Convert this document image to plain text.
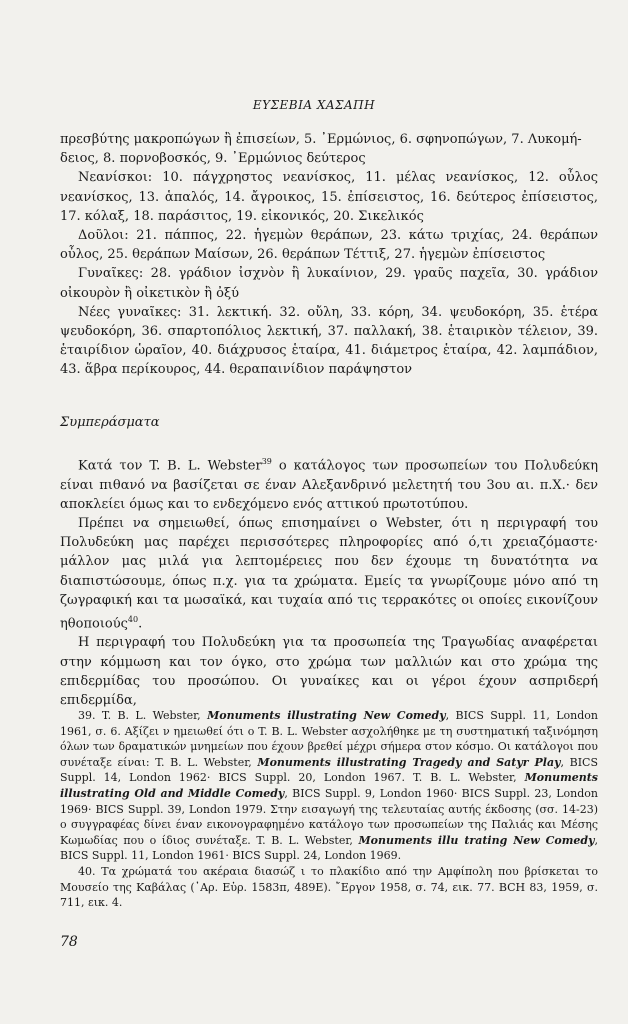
ΕΥΣΕΒΙΑ ΧΑΣΑΠΗ

πρεσβύτης μακροπώγων ἢ ἐπισείων, 5. ᾿Ερμώνιος, 6. σφηνοπώγων, 7. Λυκομή-

δειος, 8. πορνοβοσκός, 9. ᾿Ερμώνιος δεύτερος

Νεανίσκοι: 10. πάγχρηστος νεανίσκος, 11. μέλας νεανίσκος, 12. οὖλος νεανίσκος, 13. ἁπαλός, 14. ἄγροικος, 15. ἐπίσειστος, 16. δεύτερος ἐπίσειστος, 17. κόλαξ, 18. παράσιτος, 19. εἰκονικός, 20. Σικελικός

Δοῦλοι: 21. πάππος, 22. ἡγεμὼν θεράπων, 23. κάτω τριχίας, 24. θεράπων οὖλος, 25. θεράπων Μαίσων, 26. θεράπων Τέττιξ, 27. ἡγεμὼν ἐπίσειστος

Γυναῖκες: 28. γράδιον ἰσχνὸν ἢ λυκαίνιον, 29. γραῦς παχεῖα, 30. γράδιον οἰκουρὸν ἢ οἰκετικὸν ἢ ὀξύ

Νέες γυναῖκες: 31. λεκτική. 32. οὔλη, 33. κόρη, 34. ψευδοκόρη, 35. ἑτέρα ψευδοκόρη, 36. σπαρτοπόλιος λεκτική, 37. παλλακή, 38. ἑταιρικὸν τέλειον, 39. ἑταιρίδιον ὡραῖον, 40. διάχρυσος ἑταίρα, 41. διάμετρος ἑταίρα, 42. λαμπάδιον, 43. ἅβρα περίκουρος, 44. θεραπαινίδιον παράψηστον

Συμπεράσματα

Κατά τον T. B. L. Webster$^{39}$ ο κατάλογος των προσωπείων του Πολυδεύκη είναι πιθανό να βασίζεται σε έναν Αλεξανδρινό μελετητή του 3ου αι. π.Χ.· δεν αποκλείει όμως και το ενδεχόμενο ενός αττικού πρωτοτύπου.

Πρέπει να σημειωθεί, όπως επισημαίνει ο Webster, ότι η περιγραφή του Πολυδεύκη μας παρέχει περισσότερες πληροφορίες από ό,τι χρειαζόμαστε· μάλλον μας μιλά για λεπτομέρειες που δεν έχουμε τη δυνατότητα να διαπιστώσουμε, όπως π.χ. για τα χρώματα. Εμείς τα γνωρίζουμε μόνο από τη ζωγραφική και τα μωσαϊκά, και τυχαία από τις τερρακότες οι οποίες εικονίζουν ηθοποιούς$^{40}$.

Η περιγραφή του Πολυδεύκη για τα προσωπεία της Τραγωδίας αναφέρεται στην κόμμωση και τον όγκο, στο χρώμα των μαλλιών και στο χρώμα της επιδερμίδας του προσώπου. Οι γυναίκες και οι γέροι έχουν ασπριδερή επιδερμίδα,

39. T. B. L. Webster, Monuments illustrating New Comedy, BICS Suppl. 11, London 1961, σ. 6. Αξίζει ν ημειωθεί ότι ο T. B. L. Webster ασχολήθηκε με τη συστηματική ταξινόμηση όλων των δραματικών μνημείων που έχουν βρεθεί μέχρι σήμερα στον κόσμο. Οι κατάλογοι που συνέταξε είναι: T. B. L. Webster, Monuments illustrating Tragedy and Satyr Play, BICS Suppl. 14, London 1962· BICS Suppl. 20, London 1967. T. B. L. Webster, Monuments illustrating Old and Middle Comedy, BICS Suppl. 9, London 1960· BICS Suppl. 23, London 1969· BICS Suppl. 39, London 1979. Στην εισαγωγή της τελευταίας αυτής έκδοσης (σσ. 14-23) ο συγγραφέας δίνει έναν εικονογραφημένο κατάλογο των προσωπείων της Παλιάς και Μέσης Κωμωδίας που ο ίδιος συνέταξε. T. B. L. Webster, Monuments illu trating New Comedy, BICS Suppl. 11, London 1961· BICS Suppl. 24, London 1969.

40. Τα χρώματά του ακέραια διασώζ ι το πλακίδιο από την Αμφίπολη που βρίσκεται το Μουσείο της Καβάλας (᾿Αρ. Εὑρ. 1583π, 489E). ῎Εργον 1958, σ. 74, εικ. 77. BCH 83, 1959, σ. 711, εικ. 4.

78
